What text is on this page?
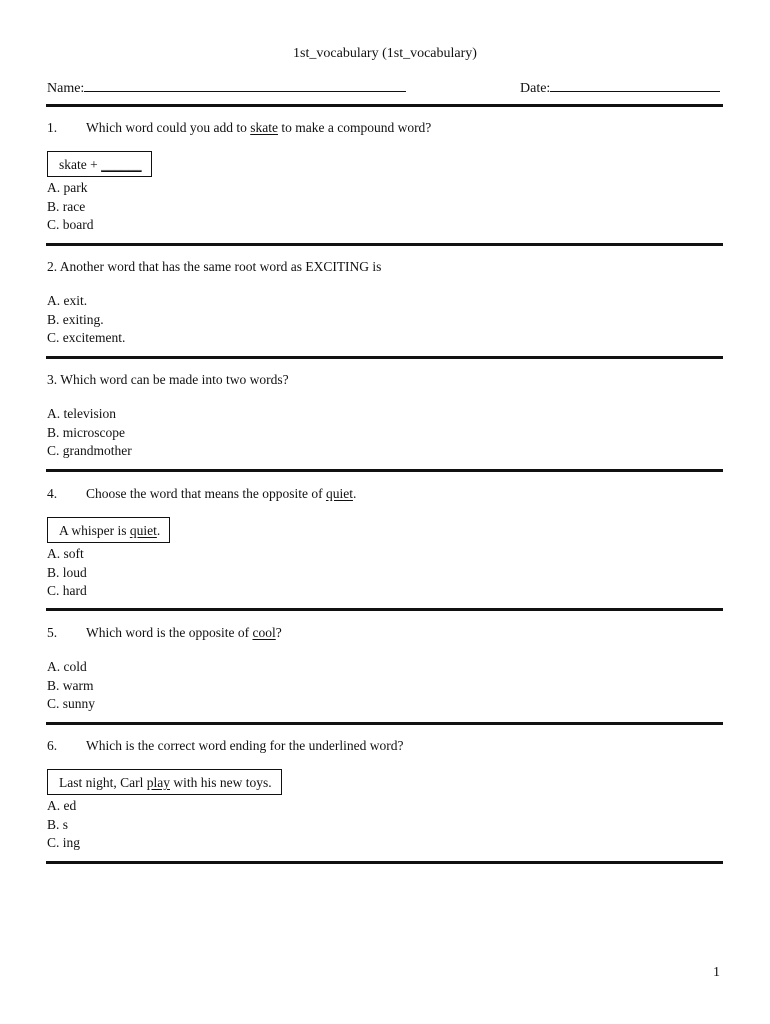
1st_vocabulary (1st_vocabulary)
Name:	Date:
1. Which word could you add to skate to make a compound word?
skate + ______
A. park
B. race
C. board
2. Another word that has the same root word as EXCITING is
A. exit.
B. exiting.
C. excitement.
3. Which word can be made into two words?
A. television
B. microscope
C. grandmother
4. Choose the word that means the opposite of quiet.
A whisper is quiet.
A. soft
B. loud
C. hard
5. Which word is the opposite of cool?
A. cold
B. warm
C. sunny
6. Which is the correct word ending for the underlined word?
Last night, Carl play with his new toys.
A. ed
B. s
C. ing
1
